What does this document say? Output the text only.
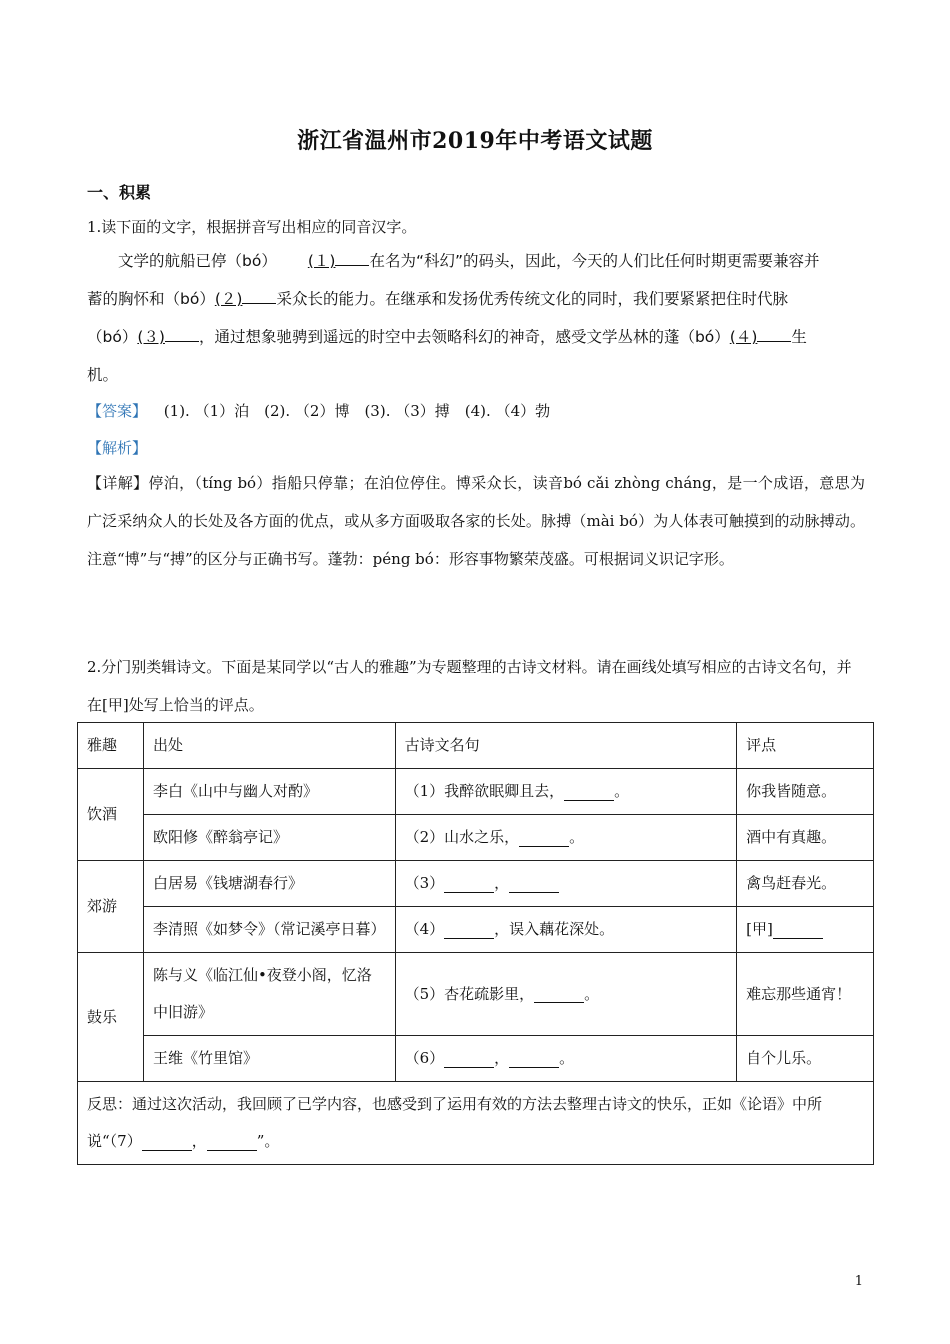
浙江省温州市2019年中考语文试题
一、积累
1.读下面的文字，根据拼音写出相应的同音汉字。

文学的航船已停（bó） (１) 在名为“科幻”的码头，因此，今天的人们比任何时期更需要兼容并

蓄的胸怀和（bó）(２) 采众长的能力。在继承和发扬优秀传统文化的同时，我们要紧紧把住时代脉

（bó）(３) ，通过想象驰骋到遥远的时空中去领略科幻的神奇，感受文学丛林的蓬（bó）(４) 生

机。

【答案】 (1). （1）泊　(2). （2）博　(3). （3）搏　(4). （4）勃
【解析】

【详解】停泊，（tíng bó）指船只停靠；在泊位停住。博采众长，读音bó cǎi zhòng cháng，是一个成语，意思为广泛采纳众人的长处及各方面的优点，或从多方面吸取各家的长处。脉搏（mài bó）为人体表可触摸到的动脉搏动。注意“博”与“搏”的区分与正确书写。蓬勃：péng bó：形容事物繁荣茂盛。可根据词义识记字形。

2.分门别类辑诗文。下面是某同学以“古人的雅趣”为专题整理的古诗文材料。请在画线处填写相应的古诗文名句，并在[甲]处写上恰当的评点。

雅趣	出处	古诗文名句	评点
饮酒	李白《山中与幽人对酌》	（1）我醉欲眠卿且去， 。	你我皆随意。
	欧阳修《醉翁亭记》	（2）山水之乐， 。	酒中有真趣。
郊游	白居易《钱塘湖春行》	（3） ，	禽鸟赶春光。
	李清照《如梦令》（常记溪亭日暮）	（4） ，误入藕花深处。	[甲]
鼓乐	陈与义《临江仙•夜登小阁，忆洛中旧游》	（5）杏花疏影里， 。	难忘那些通宵！
	王维《竹里馆》	（6） ， 。	自个儿乐。
反思：通过这次活动，我回顾了已学内容，也感受到了运用有效的方法去整理古诗文的快乐，正如《论语》中所说“（7） ， ”。			
1
